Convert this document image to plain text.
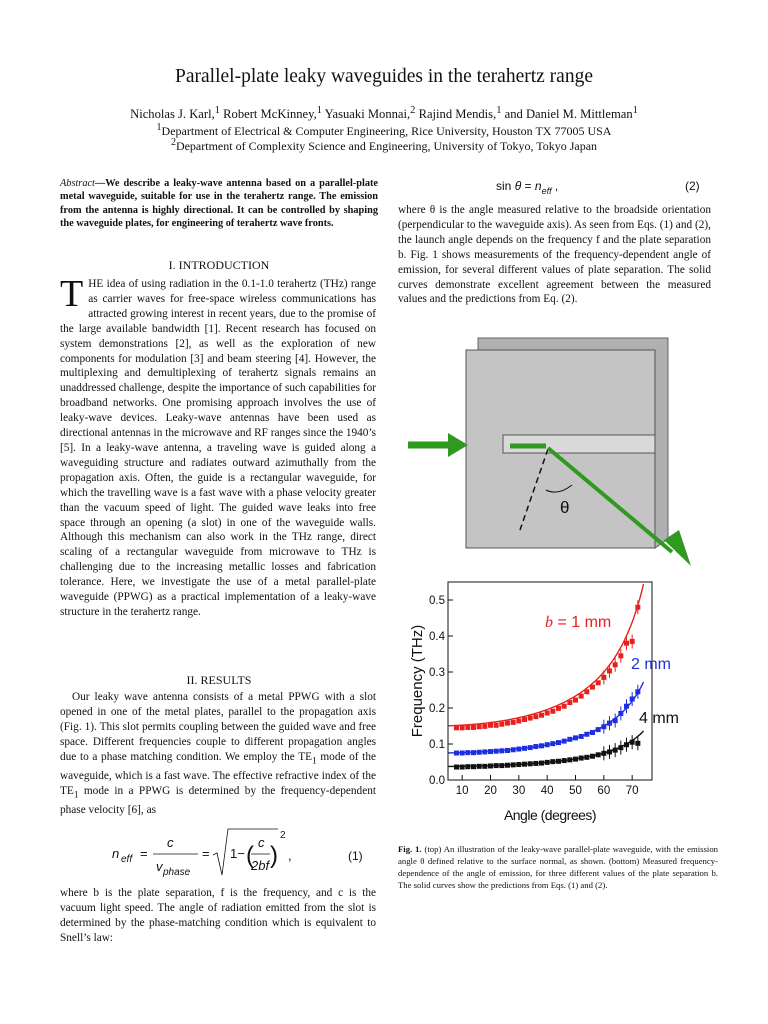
Parallel-plate leaky waveguides in the terahertz range
Nicholas J. Karl,$^1$ Robert McKinney,$^1$ Yasuaki Monnai,$^2$ Rajind Mendis,$^1$ and Daniel M. Mittleman$^1$
$^1$Department of Electrical & Computer Engineering, Rice University, Houston TX 77005 USA
$^2$Department of Complexity Science and Engineering, University of Tokyo, Tokyo Japan
Abstract—We describe a leaky-wave antenna based on a parallel-plate metal waveguide, suitable for use in the terahertz range. The emission from the antenna is highly directional. It can be controlled by shaping the waveguide plates, for engineering of terahertz wave fronts.
I. INTRODUCTION
THE idea of using radiation in the 0.1-1.0 terahertz (THz) range as carrier waves for free-space wireless communications has attracted growing interest in recent years, due to the promise of the large available bandwidth [1]. Recent research has focused on system demonstrations [2], as well as the exploration of new components for modulation [3] and beam steering [4]. However, the multiplexing and demultiplexing of terahertz signals remains an unaddressed challenge, despite the importance of such capabilities for broadband networks. One promising approach involves the use of leaky-wave devices. Leaky-wave antennas have been used as directional antennas in the microwave and RF ranges since the 1940’s [5]. In a leaky-wave antenna, a traveling wave is guided along a waveguiding structure and radiates outward azimuthally from the propagation axis. Often, the guide is a rectangular waveguide, for which the travelling wave is a fast wave with a phase velocity greater than the vacuum speed of light. The guided wave leaks into free space through an opening (a slot) in one of the waveguide walls. Although this mechanism can also work in the THz range, direct scaling of a rectangular waveguide from microwave to THz is challenging due to the increasing metallic losses and fabrication tolerance. Here, we investigate the use of a metal parallel-plate waveguide (PPWG) as a practical implementation of a leaky-wave structure in the terahertz range.
II. RESULTS
Our leaky wave antenna consists of a metal PPWG with a slot opened in one of the metal plates, parallel to the propagation axis (Fig. 1). This slot permits coupling between the guided wave and free space. Different frequencies couple to different propagation angles due to a phase matching condition. We employ the $TE_1$ mode of the waveguide, which is a fast wave. The effective refractive index of the $TE_1$ mode in a PPWG is determined by the frequency-dependent phase velocity [6], as
n eff =
c
v phase
= 1− ( c
2bf )
2
,	(1)
where b is the plate separation, f is the frequency, and c is the vacuum light speed. The angle of radiation emitted from the slot is determined by the phase-matching condition which is equivalent to Snell’s law:
$\sin \theta = n_{eff}$ ,	(2)
where θ is the angle measured relative to the broadside orientation (perpendicular to the waveguide axis). As seen from Eqs. (1) and (2), the launch angle depends on the frequency f and the plate separation b. Fig. 1 shows measurements of the frequency-dependent angle of emission, for several different values of plate separation. The solid curves demonstrate excellent agreement between the measured values and the predictions from Eq. (2).
θ
10 20 30 40 50 60 70
0.0
0.1
0.2
0.3
0.4
0.5
Angle (degrees)
Frequency (THz)
b = 1 mm
2 mm
4 mm
Fig. 1. (top) An illustration of the leaky-wave parallel-plate waveguide, with the emission angle θ defined relative to the surface normal, as shown. (bottom) Measured frequency-dependence of the angle of emission, for three different values of the plate separation b. The solid curves show the predictions from Eqs. (1) and (2).
